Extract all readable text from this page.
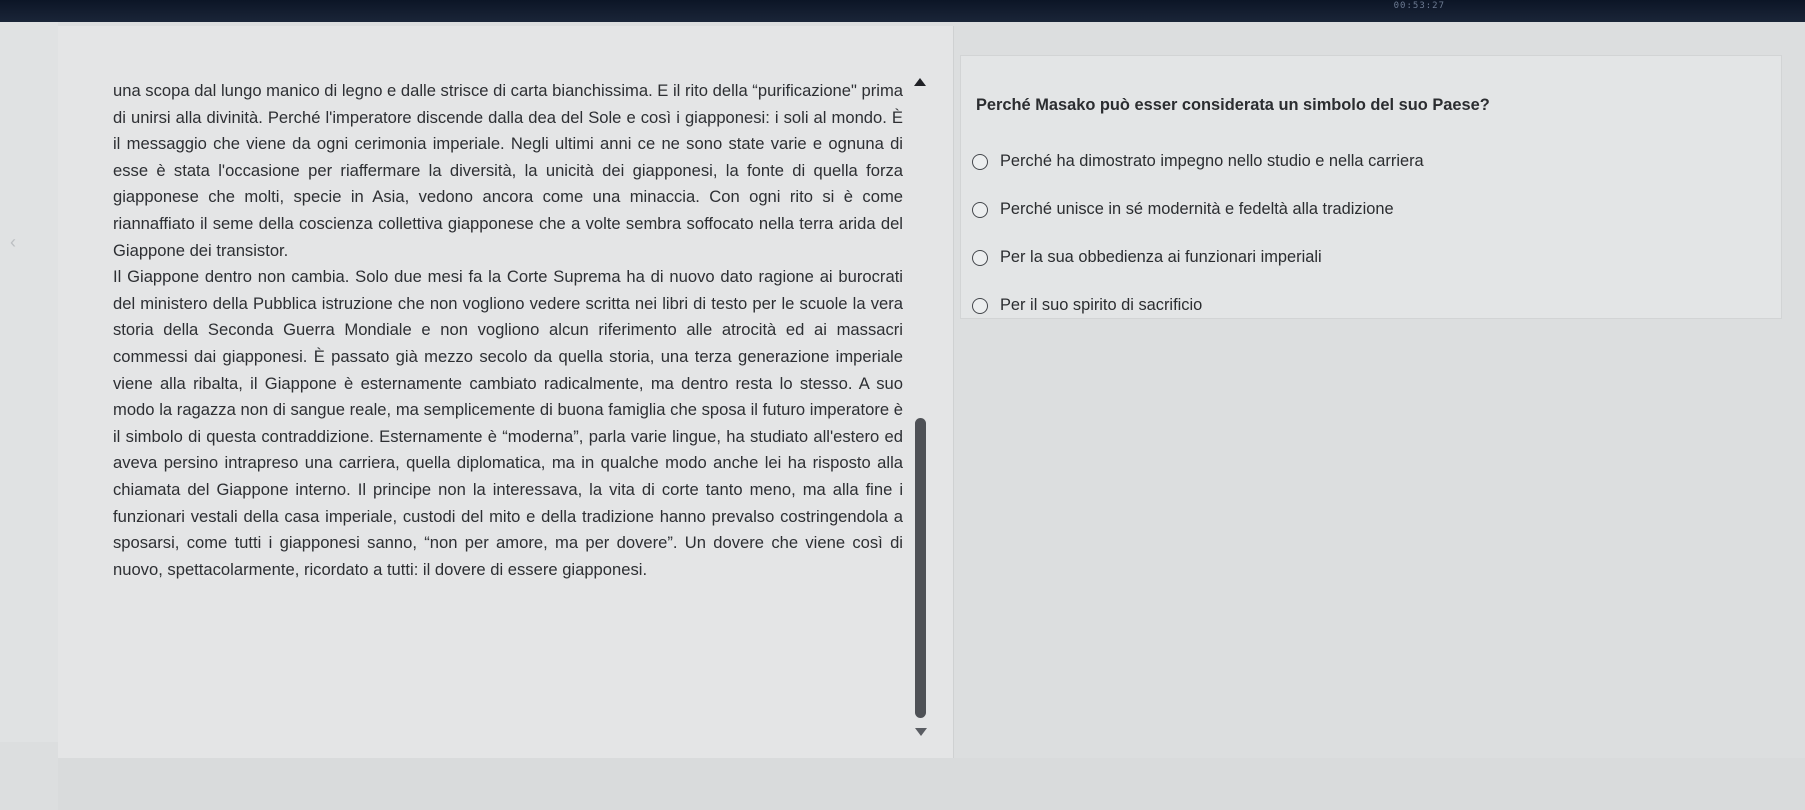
00:53:27
‹

una scopa dal lungo manico di legno e dalle strisce di carta bianchissima. E il rito della “purificazione" prima di unirsi alla divinità. Perché l'imperatore discende dalla dea del Sole e così i giapponesi: i soli al mondo. È il messaggio che viene da ogni cerimonia imperiale. Negli ultimi anni ce ne sono state varie e ognuna di esse è stata l'occasione per riaffermare la diversità, la unicità dei giapponesi, la fonte di quella forza giapponese che molti, specie in Asia, vedono ancora come una minaccia. Con ogni rito si è come riannaffiato il seme della coscienza collettiva giapponese che a volte sembra soffocato nella terra arida del Giappone dei transistor.

Il Giappone dentro non cambia. Solo due mesi fa la Corte Suprema ha di nuovo dato ragione ai burocrati del ministero della Pubblica istruzione che non vogliono vedere scritta nei libri di testo per le scuole la vera storia della Seconda Guerra Mondiale e non vogliono alcun riferimento alle atrocità ed ai massacri commessi dai giapponesi. È passato già mezzo secolo da quella storia, una terza generazione imperiale viene alla ribalta, il Giappone è esternamente cambiato radicalmente, ma dentro resta lo stesso. A suo modo la ragazza non di sangue reale, ma semplicemente di buona famiglia che sposa il futuro imperatore è il simbolo di questa contraddizione. Esternamente è “moderna”, parla varie lingue, ha studiato all'estero ed aveva persino intrapreso una carriera, quella diplomatica, ma in qualche modo anche lei ha risposto alla chiamata del Giappone interno. Il principe non la interessava, la vita di corte tanto meno, ma alla fine i funzionari vestali della casa imperiale, custodi del mito e della tradizione hanno prevalso costringendola a sposarsi, come tutti i giapponesi sanno, “non per amore, ma per dovere”. Un dovere che viene così di nuovo, spettacolarmente, ricordato a tutti: il dovere di essere giapponesi.

Perché Masako può esser considerata un simbolo del suo Paese?
Perché ha dimostrato impegno nello studio e nella carriera
Perché unisce in sé modernità e fedeltà alla tradizione
Per la sua obbedienza ai funzionari imperiali
Per il suo spirito di sacrificio
